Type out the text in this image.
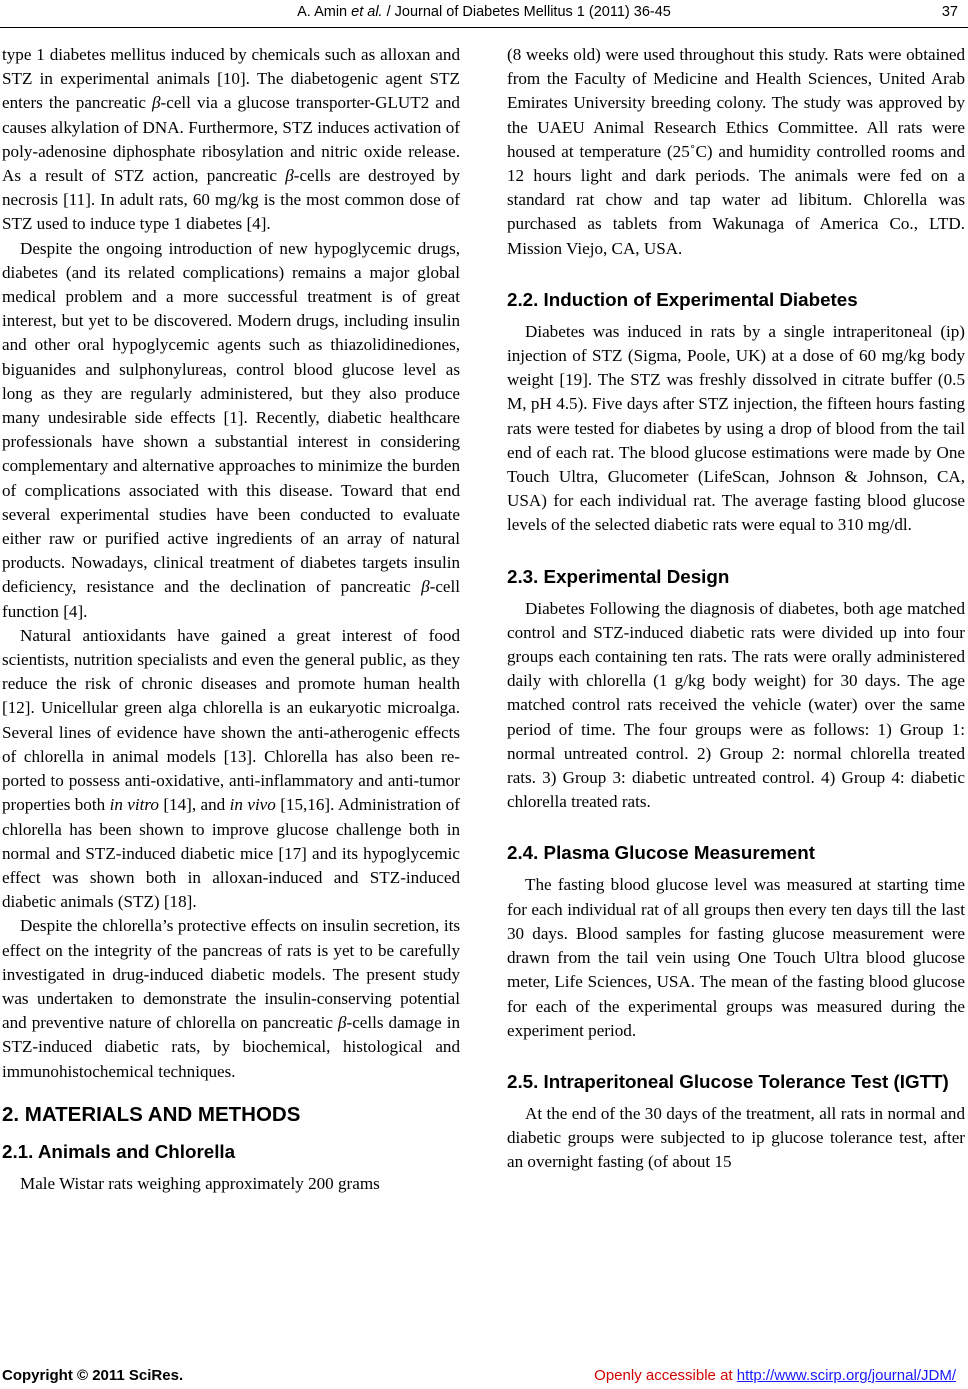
A. Amin et al. / Journal of Diabetes Mellitus 1 (2011) 36-45	37

type 1 diabetes mellitus induced by chemicals such as alloxan and STZ in experimental animals [10]. The diabetogenic agent STZ enters the pancreatic β-cell via a glucose transporter-GLUT2 and causes alkylation of DNA. Furthermore, STZ induces activation of poly-adenosine diphosphate ribosylation and nitric oxide release. As a result of STZ action, pancreatic β-cells are destroyed by necrosis [11]. In adult rats, 60 mg/kg is the most common dose of STZ used to induce type 1 diabetes [4].

Despite the ongoing introduction of new hypoglycemic drugs, diabetes (and its related complications) remains a major global medical problem and a more successful treatment is of great interest, but yet to be discovered. Modern drugs, including insulin and other oral hypoglycemic agents such as thiazolidinediones, biguanides and sulphonylureas, control blood glucose level as long as they are regularly administered, but they also produce many undesirable side effects [1]. Recently, diabetic healthcare professionals have shown a substantial interest in considering complementary and alternative approaches to minimize the burden of complications associated with this disease. Toward that end several experimental studies have been conducted to evaluate either raw or purified active ingredients of an array of natural products. Nowadays, clinical treatment of diabetes targets insulin deficiency, resistance and the declination of pancreatic β-cell function [4].

Natural antioxidants have gained a great interest of food scientists, nutrition specialists and even the general public, as they reduce the risk of chronic diseases and promote human health [12]. Unicellular green alga chlorella is an eukaryotic microalga. Several lines of evidence have shown the anti-atherogenic effects of chlorella in animal models [13]. Chlorella has also been reported to possess anti-oxidative, anti-inflammatory and anti-tumor properties both in vitro [14], and in vivo [15,16]. Administration of chlorella has been shown to improve glucose challenge both in normal and STZ-induced diabetic mice [17] and its hypoglycemic effect was shown both in alloxan-induced and STZ-induced diabetic animals (STZ) [18].

Despite the chlorella’s protective effects on insulin secretion, its effect on the integrity of the pancreas of rats is yet to be carefully investigated in drug-induced diabetic models. The present study was undertaken to demonstrate the insulin-conserving potential and preventive nature of chlorella on pancreatic β-cells damage in STZ-induced diabetic rats, by biochemical, histological and immunohistochemical techniques.

2. MATERIALS AND METHODS
2.1. Animals and Chlorella

Male Wistar rats weighing approximately 200 grams

(8 weeks old) were used throughout this study. Rats were obtained from the Faculty of Medicine and Health Sciences, United Arab Emirates University breeding colony. The study was approved by the UAEU Animal Research Ethics Committee. All rats were housed at temperature (25˚C) and humidity controlled rooms and 12 hours light and dark periods. The animals were fed on a standard rat chow and tap water ad libitum. Chlorella was purchased as tablets from Wakunaga of America Co., LTD. Mission Viejo, CA, USA.

2.2. Induction of Experimental Diabetes

Diabetes was induced in rats by a single intraperitoneal (ip) injection of STZ (Sigma, Poole, UK) at a dose of 60 mg/kg body weight [19]. The STZ was freshly dissolved in citrate buffer (0.5 M, pH 4.5). Five days after STZ injection, the fifteen hours fasting rats were tested for diabetes by using a drop of blood from the tail end of each rat. The blood glucose estimations were made by One Touch Ultra, Glucometer (LifeScan, Johnson & Johnson, CA, USA) for each individual rat. The average fasting blood glucose levels of the selected diabetic rats were equal to 310 mg/dl.

2.3. Experimental Design

Diabetes Following the diagnosis of diabetes, both age matched control and STZ-induced diabetic rats were divided up into four groups each containing ten rats. The rats were orally administered daily with chlorella (1 g/kg body weight) for 30 days. The age matched control rats received the vehicle (water) over the same period of time. The four groups were as follows: 1) Group 1: normal untreated control. 2) Group 2: normal chlorella treated rats. 3) Group 3: diabetic untreated control. 4) Group 4: diabetic chlorella treated rats.

2.4. Plasma Glucose Measurement

The fasting blood glucose level was measured at starting time for each individual rat of all groups then every ten days till the last 30 days. Blood samples for fasting glucose measurement were drawn from the tail vein using One Touch Ultra blood glucose meter, Life Sciences, USA. The mean of the fasting blood glucose for each of the experimental groups was measured during the experiment period.

2.5. Intraperitoneal Glucose Tolerance Test (IGTT)

At the end of the 30 days of the treatment, all rats in normal and diabetic groups were subjected to ip glucose tolerance test, after an overnight fasting (of about 15

Copyright © 2011 SciRes.	Openly accessible at http://www.scirp.org/journal/JDM/
